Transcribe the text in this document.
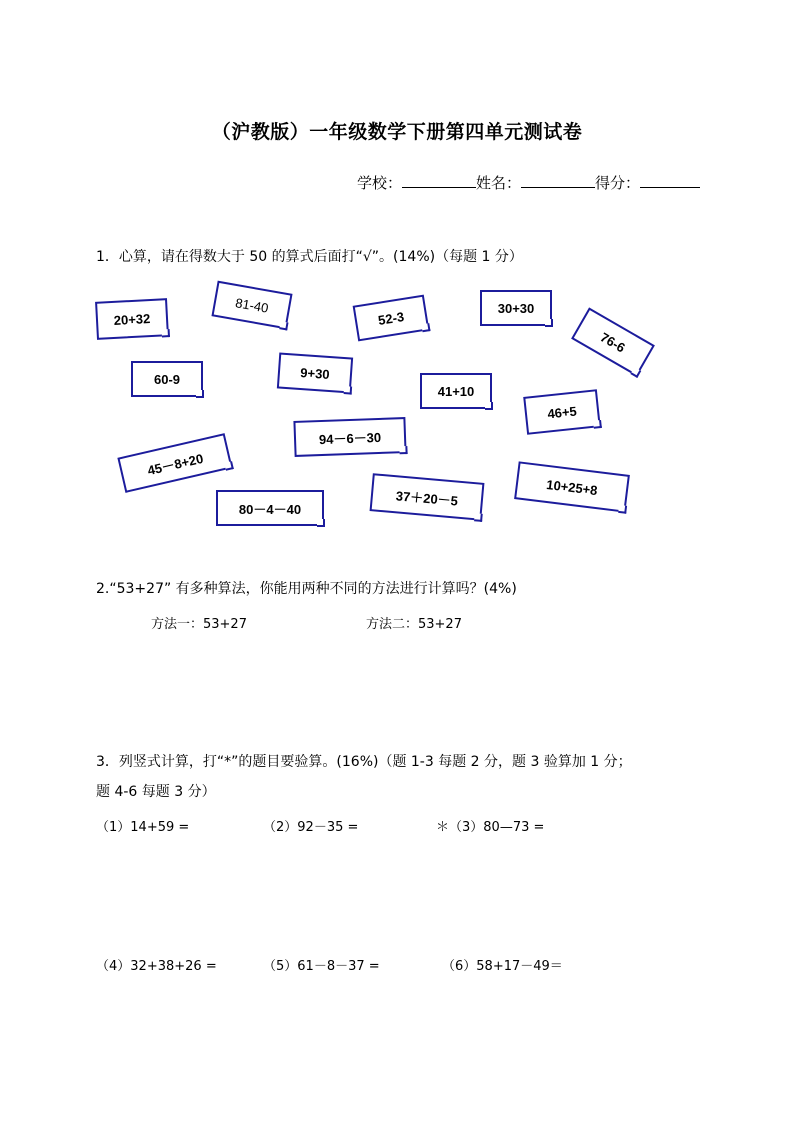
（沪教版）一年级数学下册第四单元测试卷
学校：	姓名：	得分：
1．心算，请在得数大于 50 的算式后面打“√”。(14%)（每题 1 分）
20+32
81-40
52-3
30+30
76-6
60-9	9+30
41+10
46+5
94－6－30
45－8+20
37＋20－5
10+25+8
80－4－40
2.“53+27” 有多种算法，你能用两种不同的方法进行计算吗？(4%)
方法一：53+27	方法二：53+27
3．列竖式计算，打“*”的题目要验算。(16%)（题 1-3 每题 2 分，题 3 验算加 1 分；
题 4-6 每题 3 分）
（1）14+59 =	（2）92－35 =	＊（3）80—73 =
（4）32+38+26 =	（5）61－8－37 =	（6）58+17－49＝
